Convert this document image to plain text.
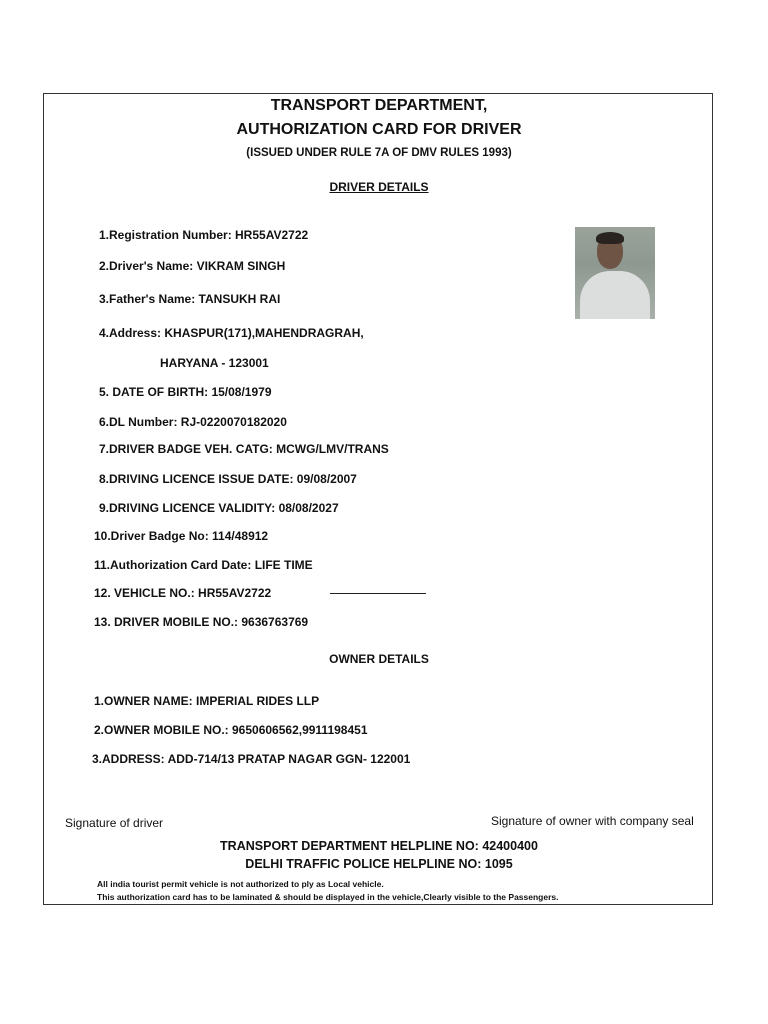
TRANSPORT DEPARTMENT,
AUTHORIZATION CARD FOR DRIVER
(ISSUED UNDER RULE 7A OF DMV RULES 1993)
DRIVER DETAILS
1.Registration Number: HR55AV2722
2.Driver's Name: VIKRAM SINGH
3.Father's Name: TANSUKH RAI
4.Address: KHASPUR(171),MAHENDRAGRAH,
HARYANA - 123001
5. DATE OF BIRTH: 15/08/1979
6.DL Number: RJ-0220070182020
7.DRIVER BADGE VEH. CATG: MCWG/LMV/TRANS
8.DRIVING LICENCE ISSUE DATE: 09/08/2007
9.DRIVING LICENCE VALIDITY: 08/08/2027
10.Driver Badge No: 114/48912
11.Authorization Card Date: LIFE TIME
12. VEHICLE NO.: HR55AV2722
13. DRIVER MOBILE NO.: 9636763769
OWNER DETAILS
1.OWNER NAME: IMPERIAL RIDES LLP
2.OWNER MOBILE NO.: 9650606562,9911198451
3.ADDRESS: ADD-714/13 PRATAP NAGAR GGN- 122001
Signature of driver	Signature of owner with company seal
TRANSPORT DEPARTMENT HELPLINE NO: 42400400
DELHI TRAFFIC POLICE HELPLINE NO: 1095
All india tourist permit vehicle is not authorized to ply as Local vehicle.
This authorization card has to be laminated & should be displayed in the vehicle,Clearly visible to the Passengers.
